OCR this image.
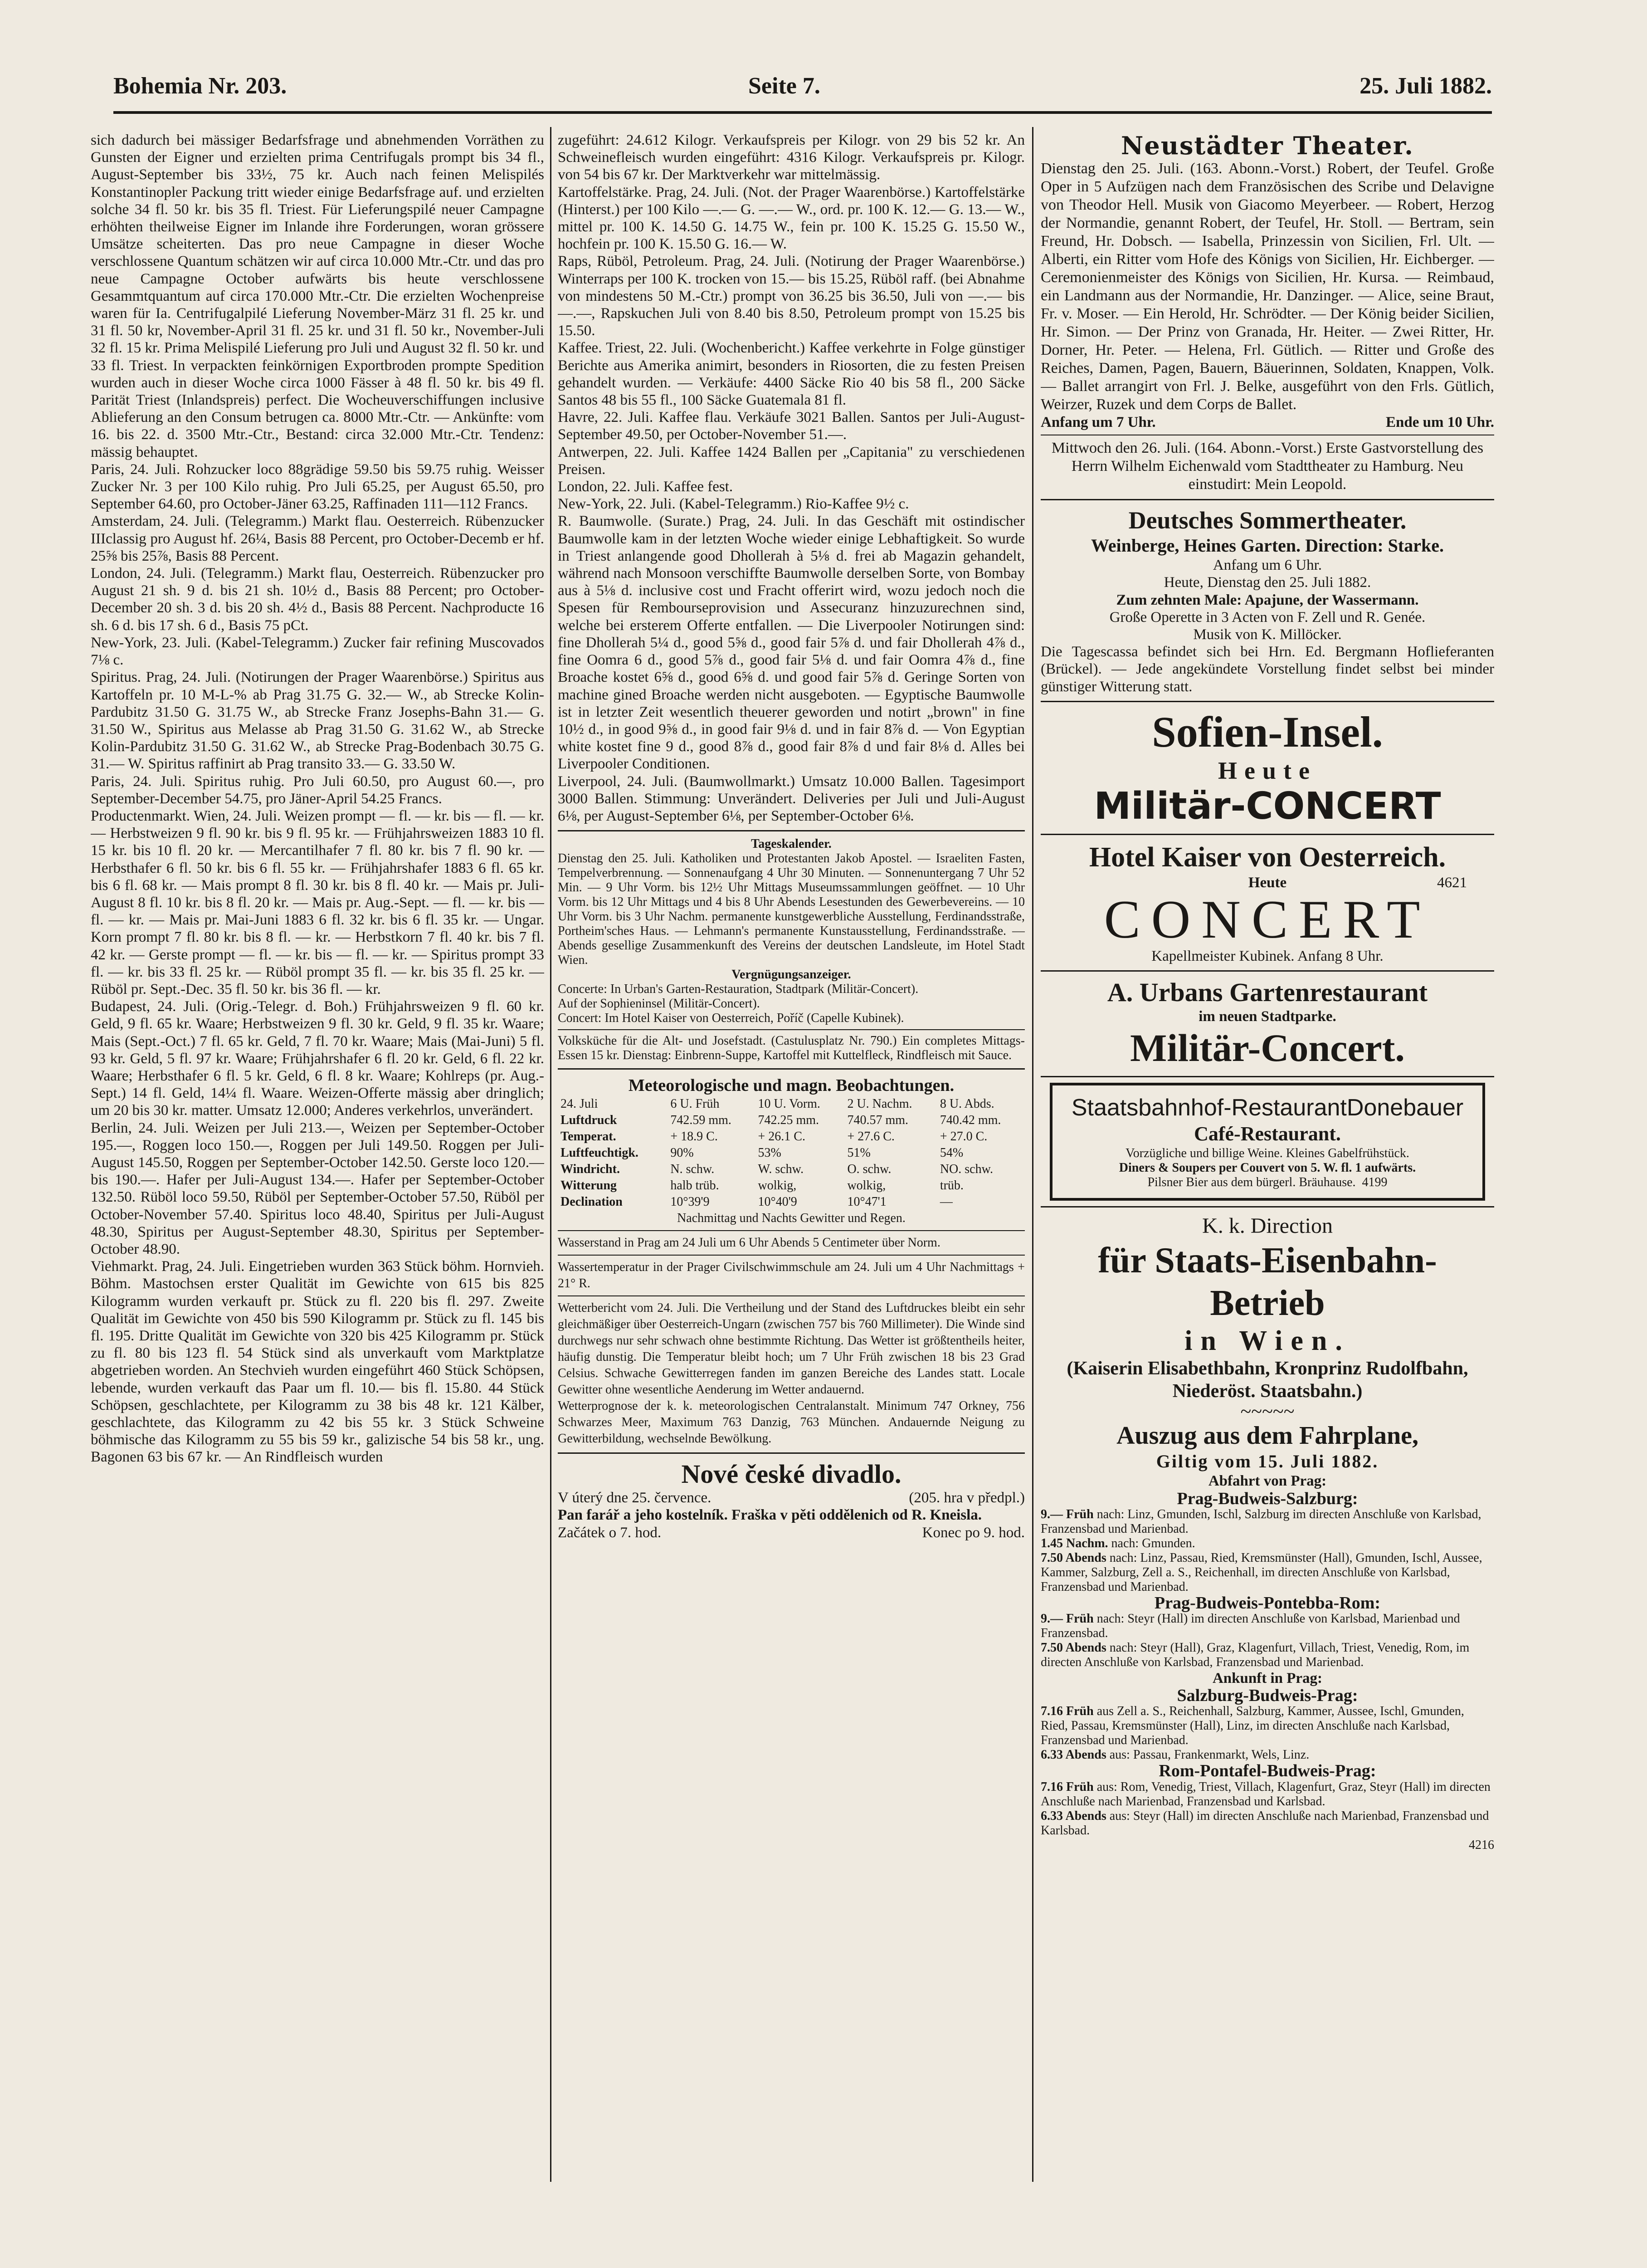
Bohemia Nr. 203.	Seite 7.	25. Juli 1882.

sich dadurch bei mässiger Bedarfsfrage und abnehmenden Vorräthen zu Gunsten der Eigner und erzielten prima Centrifugals prompt bis 34 fl., August-September bis 33½, 75 kr. Auch nach feinen Melispilés Konstantinopler Packung tritt wieder einige Bedarfsfrage auf. und erzielten solche 34 fl. 50 kr. bis 35 fl. Triest. Für Lieferungspilé neuer Campagne erhöhten theilweise Eigner im Inlande ihre Forderungen, woran grössere Umsätze scheiterten. Das pro neue Campagne in dieser Woche verschlossene Quantum schätzen wir auf circa 10.000 Mtr.-Ctr. und das pro neue Campagne October aufwärts bis heute verschlossene Gesammtquantum auf circa 170.000 Mtr.-Ctr. Die erzielten Wochenpreise waren für Ia. Centrifugalpilé Lieferung November-März 31 fl. 25 kr. und 31 fl. 50 kr, November-April 31 fl. 25 kr. und 31 fl. 50 kr., November-Juli 32 fl. 15 kr. Prima Melispilé Lieferung pro Juli und August 32 fl. 50 kr. und 33 fl. Triest. In verpackten feinkörnigen Exportbroden prompte Spedition wurden auch in dieser Woche circa 1000 Fässer à 48 fl. 50 kr. bis 49 fl. Parität Triest (Inlandspreis) perfect. Die Wocheuverschiffungen inclusive Ablieferung an den Consum betrugen ca. 8000 Mtr.-Ctr. — Ankünfte: vom 16. bis 22. d. 3500 Mtr.-Ctr., Bestand: circa 32.000 Mtr.-Ctr. Tendenz: mässig behauptet.

Paris, 24. Juli. Rohzucker loco 88grädige 59.50 bis 59.75 ruhig. Weisser Zucker Nr. 3 per 100 Kilo ruhig. Pro Juli 65.25, per August 65.50, pro September 64.60, pro October-Jäner 63.25, Raffinaden 111—112 Francs.

Amsterdam, 24. Juli. (Telegramm.) Markt flau. Oesterreich. Rübenzucker IIIclassig pro August hf. 26¼, Basis 88 Percent, pro October-Decemb er hf. 25⅝ bis 25⅞, Basis 88 Percent.

London, 24. Juli. (Telegramm.) Markt flau, Oesterreich. Rübenzucker pro August 21 sh. 9 d. bis 21 sh. 10½ d., Basis 88 Percent; pro October-December 20 sh. 3 d. bis 20 sh. 4½ d., Basis 88 Percent. Nachproducte 16 sh. 6 d. bis 17 sh. 6 d., Basis 75 pCt.

New-York, 23. Juli. (Kabel-Telegramm.) Zucker fair refining Muscovados 7⅛ c.

Spiritus. Prag, 24. Juli. (Notirungen der Prager Waarenbörse.) Spiritus aus Kartoffeln pr. 10 M-L-% ab Prag 31.75 G. 32.— W., ab Strecke Kolin-Pardubitz 31.50 G. 31.75 W., ab Strecke Franz Josephs-Bahn 31.— G. 31.50 W., Spiritus aus Melasse ab Prag 31.50 G. 31.62 W., ab Strecke Kolin-Pardubitz 31.50 G. 31.62 W., ab Strecke Prag-Bodenbach 30.75 G. 31.— W. Spiritus raffinirt ab Prag transito 33.— G. 33.50 W.

Paris, 24. Juli. Spiritus ruhig. Pro Juli 60.50, pro August 60.—, pro September-December 54.75, pro Jäner-April 54.25 Francs.

Productenmarkt. Wien, 24. Juli. Weizen prompt — fl. — kr. bis — fl. — kr. — Herbstweizen 9 fl. 90 kr. bis 9 fl. 95 kr. — Frühjahrsweizen 1883 10 fl. 15 kr. bis 10 fl. 20 kr. — Mercantilhafer 7 fl. 80 kr. bis 7 fl. 90 kr. — Herbsthafer 6 fl. 50 kr. bis 6 fl. 55 kr. — Frühjahrshafer 1883 6 fl. 65 kr. bis 6 fl. 68 kr. — Mais prompt 8 fl. 30 kr. bis 8 fl. 40 kr. — Mais pr. Juli-August 8 fl. 10 kr. bis 8 fl. 20 kr. — Mais pr. Aug.-Sept. — fl. — kr. bis — fl. — kr. — Mais pr. Mai-Juni 1883 6 fl. 32 kr. bis 6 fl. 35 kr. — Ungar. Korn prompt 7 fl. 80 kr. bis 8 fl. — kr. — Herbstkorn 7 fl. 40 kr. bis 7 fl. 42 kr. — Gerste prompt — fl. — kr. bis — fl. — kr. — Spiritus prompt 33 fl. — kr. bis 33 fl. 25 kr. — Rüböl prompt 35 fl. — kr. bis 35 fl. 25 kr. — Rüböl pr. Sept.-Dec. 35 fl. 50 kr. bis 36 fl. — kr.

Budapest, 24. Juli. (Orig.-Telegr. d. Boh.) Frühjahrsweizen 9 fl. 60 kr. Geld, 9 fl. 65 kr. Waare; Herbstweizen 9 fl. 30 kr. Geld, 9 fl. 35 kr. Waare; Mais (Sept.-Oct.) 7 fl. 65 kr. Geld, 7 fl. 70 kr. Waare; Mais (Mai-Juni) 5 fl. 93 kr. Geld, 5 fl. 97 kr. Waare; Frühjahrshafer 6 fl. 20 kr. Geld, 6 fl. 22 kr. Waare; Herbsthafer 6 fl. 5 kr. Geld, 6 fl. 8 kr. Waare; Kohlreps (pr. Aug.-Sept.) 14 fl. Geld, 14¼ fl. Waare. Weizen-Offerte mässig aber dringlich; um 20 bis 30 kr. matter. Umsatz 12.000; Anderes verkehrlos, unverändert.

Berlin, 24. Juli. Weizen per Juli 213.—, Weizen per September-October 195.—, Roggen loco 150.—, Roggen per Juli 149.50. Roggen per Juli-August 145.50, Roggen per September-October 142.50. Gerste loco 120.— bis 190.—. Hafer per Juli-August 134.—. Hafer per September-October 132.50. Rüböl loco 59.50, Rüböl per September-October 57.50, Rüböl per October-November 57.40. Spiritus loco 48.40, Spiritus per Juli-August 48.30, Spiritus per August-September 48.30, Spiritus per September-October 48.90.

Viehmarkt. Prag, 24. Juli. Eingetrieben wurden 363 Stück böhm. Hornvieh. Böhm. Mastochsen erster Qualität im Gewichte von 615 bis 825 Kilogramm wurden verkauft pr. Stück zu fl. 220 bis fl. 297. Zweite Qualität im Gewichte von 450 bis 590 Kilogramm pr. Stück zu fl. 145 bis fl. 195. Dritte Qualität im Gewichte von 320 bis 425 Kilogramm pr. Stück zu fl. 80 bis 123 fl. 54 Stück sind als unverkauft vom Marktplatze abgetrieben worden. An Stechvieh wurden eingeführt 460 Stück Schöpsen, lebende, wurden verkauft das Paar um fl. 10.— bis fl. 15.80. 44 Stück Schöpsen, geschlachtete, per Kilogramm zu 38 bis 48 kr. 121 Kälber, geschlachtete, das Kilogramm zu 42 bis 55 kr. 3 Stück Schweine böhmische das Kilogramm zu 55 bis 59 kr., galizische 54 bis 58 kr., ung. Bagonen 63 bis 67 kr. — An Rindfleisch wurden

zugeführt: 24.612 Kilogr. Verkaufspreis per Kilogr. von 29 bis 52 kr. An Schweinefleisch wurden eingeführt: 4316 Kilogr. Verkaufspreis pr. Kilogr. von 54 bis 67 kr. Der Marktverkehr war mittelmässig.

Kartoffelstärke. Prag, 24. Juli. (Not. der Prager Waarenbörse.) Kartoffelstärke (Hinterst.) per 100 Kilo —.— G. —.— W., ord. pr. 100 K. 12.— G. 13.— W., mittel pr. 100 K. 14.50 G. 14.75 W., fein pr. 100 K. 15.25 G. 15.50 W., hochfein pr. 100 K. 15.50 G. 16.— W.

Raps, Rüböl, Petroleum. Prag, 24. Juli. (Notirung der Prager Waarenbörse.) Winterraps per 100 K. trocken von 15.— bis 15.25, Rüböl raff. (bei Abnahme von mindestens 50 M.-Ctr.) prompt von 36.25 bis 36.50, Juli von —.— bis —.—, Rapskuchen Juli von 8.40 bis 8.50, Petroleum prompt von 15.25 bis 15.50.

Kaffee. Triest, 22. Juli. (Wochenbericht.) Kaffee verkehrte in Folge günstiger Berichte aus Amerika animirt, besonders in Riosorten, die zu festen Preisen gehandelt wurden. — Verkäufe: 4400 Säcke Rio 40 bis 58 fl., 200 Säcke Santos 48 bis 55 fl., 100 Säcke Guatemala 81 fl.

Havre, 22. Juli. Kaffee flau. Verkäufe 3021 Ballen. Santos per Juli-August-September 49.50, per October-November 51.—.

Antwerpen, 22. Juli. Kaffee 1424 Ballen per „Capitania" zu verschiedenen Preisen.

London, 22. Juli. Kaffee fest.

New-York, 22. Juli. (Kabel-Telegramm.) Rio-Kaffee 9½ c.

R. Baumwolle. (Surate.) Prag, 24. Juli. In das Geschäft mit ostindischer Baumwolle kam in der letzten Woche wieder einige Lebhaftigkeit. So wurde in Triest anlangende good Dhollerah à 5⅛ d. frei ab Magazin gehandelt, während nach Monsoon verschiffte Baumwolle derselben Sorte, von Bombay aus à 5⅛ d. inclusive cost und Fracht offerirt wird, wozu jedoch noch die Spesen für Rembourseprovision und Assecuranz hinzuzurechnen sind, welche bei ersterem Offerte entfallen. — Die Liverpooler Notirungen sind: fine Dhollerah 5¼ d., good 5⅝ d., good fair 5⅞ d. und fair Dhollerah 4⅞ d., fine Oomra 6 d., good 5⅞ d., good fair 5⅛ d. und fair Oomra 4⅞ d., fine Broache kostet 6⅝ d., good 6⅝ d. und good fair 5⅞ d. Geringe Sorten von machine gined Broache werden nicht ausgeboten. — Egyptische Baumwolle ist in letzter Zeit wesentlich theuerer geworden und notirt „brown" in fine 10½ d., in good 9⅝ d., in good fair 9⅛ d. und in fair 8⅞ d. — Von Egyptian white kostet fine 9 d., good 8⅞ d., good fair 8⅞ d und fair 8⅛ d. Alles bei Liverpooler Conditionen.

Liverpool, 24. Juli. (Baumwollmarkt.) Umsatz 10.000 Ballen. Tagesimport 3000 Ballen. Stimmung: Unverändert. Deliveries per Juli und Juli-August 6⅛, per August-September 6⅛, per September-October 6⅛.

Tageskalender.

Dienstag den 25. Juli. Katholiken und Protestanten Jakob Apostel. — Israeliten Fasten, Tempelverbrennung. — Sonnenaufgang 4 Uhr 30 Minuten. — Sonnenuntergang 7 Uhr 52 Min. — 9 Uhr Vorm. bis 12½ Uhr Mittags Museumssammlungen geöffnet. — 10 Uhr Vorm. bis 12 Uhr Mittags und 4 bis 8 Uhr Abends Lesestunden des Gewerbevereins. — 10 Uhr Vorm. bis 3 Uhr Nachm. permanente kunstgewerbliche Ausstellung, Ferdinandsstraße, Portheim'sches Haus. — Lehmann's permanente Kunstausstellung, Ferdinandsstraße. — Abends gesellige Zusammenkunft des Vereins der deutschen Landsleute, im Hotel Stadt Wien.

Vergnügungsanzeiger.

Concerte: In Urban's Garten-Restauration, Stadtpark (Militär-Concert).

Auf der Sophieninsel (Militär-Concert).

Concert: Im Hotel Kaiser von Oesterreich, Poříč (Capelle Kubinek).

Volksküche für die Alt- und Josefstadt. (Castulusplatz Nr. 790.) Ein completes Mittags-Essen 15 kr. Dienstag: Einbrenn-Suppe, Kartoffel mit Kuttelfleck, Rindfleisch mit Sauce.

Meteorologische und magn. Beobachtungen.

24. Juli	6 U. Früh	10 U. Vorm.	2 U. Nachm.	8 U. Abds.
Luftdruck	742.59 mm.	742.25 mm.	740.57 mm.	740.42 mm.
Temperat.	+ 18.9 C.	+ 26.1 C.	+ 27.6 C.	+ 27.0 C.
Luftfeuchtigk.	90%	53%	51%	54%
Windricht.	N. schw.	W. schw.	O. schw.	NO. schw.
Witterung	halb trüb.	wolkig,	wolkig,	trüb.
Declination	10°39'9	10°40'9	10°47'1	—

Nachmittag und Nachts Gewitter und Regen.

Wasserstand in Prag am 24 Juli um 6 Uhr Abends 5 Centimeter über Norm.

Wassertemperatur in der Prager Civilschwimmschule am 24. Juli um 4 Uhr Nachmittags + 21° R.

Wetterbericht vom 24. Juli. Die Vertheilung und der Stand des Luftdruckes bleibt ein sehr gleichmäßiger über Oesterreich-Ungarn (zwischen 757 bis 760 Millimeter). Die Winde sind durchwegs nur sehr schwach ohne bestimmte Richtung. Das Wetter ist größtentheils heiter, häufig dunstig. Die Temperatur bleibt hoch; um 7 Uhr Früh zwischen 18 bis 23 Grad Celsius. Schwache Gewitterregen fanden im ganzen Bereiche des Landes statt. Locale Gewitter ohne wesentliche Aenderung im Wetter andauernd.

Wetterprognose der k. k. meteorologischen Centralanstalt. Minimum 747 Orkney, 756 Schwarzes Meer, Maximum 763 Danzig, 763 München. Andauernde Neigung zu Gewitterbildung, wechselnde Bewölkung.

Nové české divadlo.

V úterý dne 25. července.	(205. hra v předpl.)

Pan farář a jeho kostelník. Fraška v pěti oddělenich od R. Kneisla.

Začátek o 7. hod.	Konec po 9. hod.

Neustädter Theater.

Dienstag den 25. Juli. (163. Abonn.-Vorst.) Robert, der Teufel. Große Oper in 5 Aufzügen nach dem Französischen des Scribe und Delavigne von Theodor Hell. Musik von Giacomo Meyerbeer. — Robert, Herzog der Normandie, genannt Robert, der Teufel, Hr. Stoll. — Bertram, sein Freund, Hr. Dobsch. — Isabella, Prinzessin von Sicilien, Frl. Ult. — Alberti, ein Ritter vom Hofe des Königs von Sicilien, Hr. Eichberger. — Ceremonienmeister des Königs von Sicilien, Hr. Kursa. — Reimbaud, ein Landmann aus der Normandie, Hr. Danzinger. — Alice, seine Braut, Fr. v. Moser. — Ein Herold, Hr. Schrödter. — Der König beider Sicilien, Hr. Simon. — Der Prinz von Granada, Hr. Heiter. — Zwei Ritter, Hr. Dorner, Hr. Peter. — Helena, Frl. Gütlich. — Ritter und Große des Reiches, Damen, Pagen, Bauern, Bäuerinnen, Soldaten, Knappen, Volk. — Ballet arrangirt von Frl. J. Belke, ausgeführt von den Frls. Gütlich, Weirzer, Ruzek und dem Corps de Ballet.

Anfang um 7 Uhr.	Ende um 10 Uhr.

Mittwoch den 26. Juli. (164. Abonn.-Vorst.) Erste Gastvorstellung des Herrn Wilhelm Eichenwald vom Stadttheater zu Hamburg. Neu einstudirt: Mein Leopold.

Deutsches Sommertheater.

Weinberge, Heines Garten. Direction: Starke.

Anfang um 6 Uhr.

Heute, Dienstag den 25. Juli 1882.

Zum zehnten Male: Apajune, der Wassermann.

Große Operette in 3 Acten von F. Zell und R. Genée.

Musik von K. Millöcker.

Die Tagescassa befindet sich bei Hrn. Ed. Bergmann Hoflieferanten (Brückel). — Jede angekündete Vorstellung findet selbst bei minder günstiger Witterung statt.

Sofien-Insel.

Heute

Militär-CONCERT

Hotel Kaiser von Oesterreich.

Heute	4621

CONCERT

Kapellmeister Kubinek. Anfang 8 Uhr.

A. Urbans Gartenrestaurant

im neuen Stadtparke.

Militär-Concert.

Staatsbahnhof-RestaurantDonebauer

Café-Restaurant.

Vorzügliche und billige Weine. Kleines Gabelfrühstück.

Diners & Soupers per Couvert von 5. W. fl. 1 aufwärts.

Pilsner Bier aus dem bürgerl. Bräuhause. 4199

K. k. Direction

für Staats-Eisenbahn-Betrieb

in Wien.

(Kaiserin Elisabethbahn, Kronprinz Rudolfbahn, Niederöst. Staatsbahn.)

~~~~~

Auszug aus dem Fahrplane,

Giltig vom 15. Juli 1882.

Abfahrt von Prag:

Prag-Budweis-Salzburg:

9.— Früh nach: Linz, Gmunden, Ischl, Salzburg im directen Anschluße von Karlsbad, Franzensbad und Marienbad.

1.45 Nachm. nach: Gmunden.

7.50 Abends nach: Linz, Passau, Ried, Kremsmünster (Hall), Gmunden, Ischl, Aussee, Kammer, Salzburg, Zell a. S., Reichenhall, im directen Anschluße von Karlsbad, Franzensbad und Marienbad.

Prag-Budweis-Pontebba-Rom:

9.— Früh nach: Steyr (Hall) im directen Anschluße von Karlsbad, Marienbad und Franzensbad.

7.50 Abends nach: Steyr (Hall), Graz, Klagenfurt, Villach, Triest, Venedig, Rom, im directen Anschluße von Karlsbad, Franzensbad und Marienbad.

Ankunft in Prag:

Salzburg-Budweis-Prag:

7.16 Früh aus Zell a. S., Reichenhall, Salzburg, Kammer, Aussee, Ischl, Gmunden, Ried, Passau, Kremsmünster (Hall), Linz, im directen Anschluße nach Karlsbad, Franzensbad und Marienbad.

6.33 Abends aus: Passau, Frankenmarkt, Wels, Linz.

Rom-Pontafel-Budweis-Prag:

7.16 Früh aus: Rom, Venedig, Triest, Villach, Klagenfurt, Graz, Steyr (Hall) im directen Anschluße nach Marienbad, Franzensbad und Karlsbad.

6.33 Abends aus: Steyr (Hall) im directen Anschluße nach Marienbad, Franzensbad und Karlsbad.

4216
